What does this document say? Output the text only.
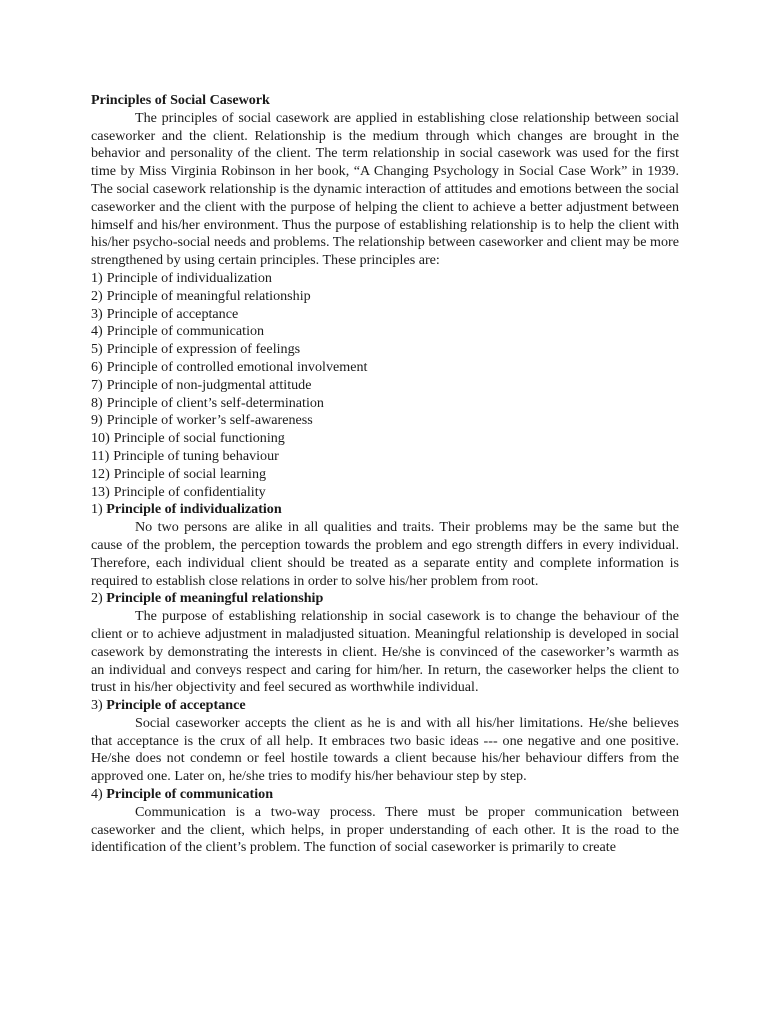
Principles of Social Casework

The principles of social casework are applied in establishing close relationship between social caseworker and the client. Relationship is the medium through which changes are brought in the behavior and personality of the client. The term relationship in social casework was used for the first time by Miss Virginia Robinson in her book, “A Changing Psychology in Social Case Work” in 1939. The social casework relationship is the dynamic interaction of attitudes and emotions between the social caseworker and the client with the purpose of helping the client to achieve a better adjustment between himself and his/her environment. Thus the purpose of establishing relationship is to help the client with his/her psycho-social needs and problems. The relationship between caseworker and client may be more strengthened by using certain principles. These principles are:

1) Principle of individualization
2) Principle of meaningful relationship
3) Principle of acceptance
4) Principle of communication
5) Principle of expression of feelings
6) Principle of controlled emotional involvement
7) Principle of non-judgmental attitude
8) Principle of client’s self-determination
9) Principle of worker’s self-awareness
10) Principle of social functioning
11) Principle of tuning behaviour
12) Principle of social learning
13) Principle of confidentiality

1) Principle of individualization

No two persons are alike in all qualities and traits. Their problems may be the same but the cause of the problem, the perception towards the problem and ego strength differs in every individual. Therefore, each individual client should be treated as a separate entity and complete information is required to establish close relations in order to solve his/her problem from root.

2) Principle of meaningful relationship

The purpose of establishing relationship in social casework is to change the behaviour of the client or to achieve adjustment in maladjusted situation. Meaningful relationship is developed in social casework by demonstrating the interests in client. He/she is convinced of the caseworker’s warmth as an individual and conveys respect and caring for him/her. In return, the caseworker helps the client to trust in his/her objectivity and feel secured as worthwhile individual.

3) Principle of acceptance

Social caseworker accepts the client as he is and with all his/her limitations. He/she believes that acceptance is the crux of all help. It embraces two basic ideas --- one negative and one positive. He/she does not condemn or feel hostile towards a client because his/her behaviour differs from the approved one. Later on, he/she tries to modify his/her behaviour step by step.

4) Principle of communication

Communication is a two-way process. There must be proper communication between caseworker and the client, which helps, in proper understanding of each other. It is the road to the identification of the client’s problem. The function of social caseworker is primarily to create
